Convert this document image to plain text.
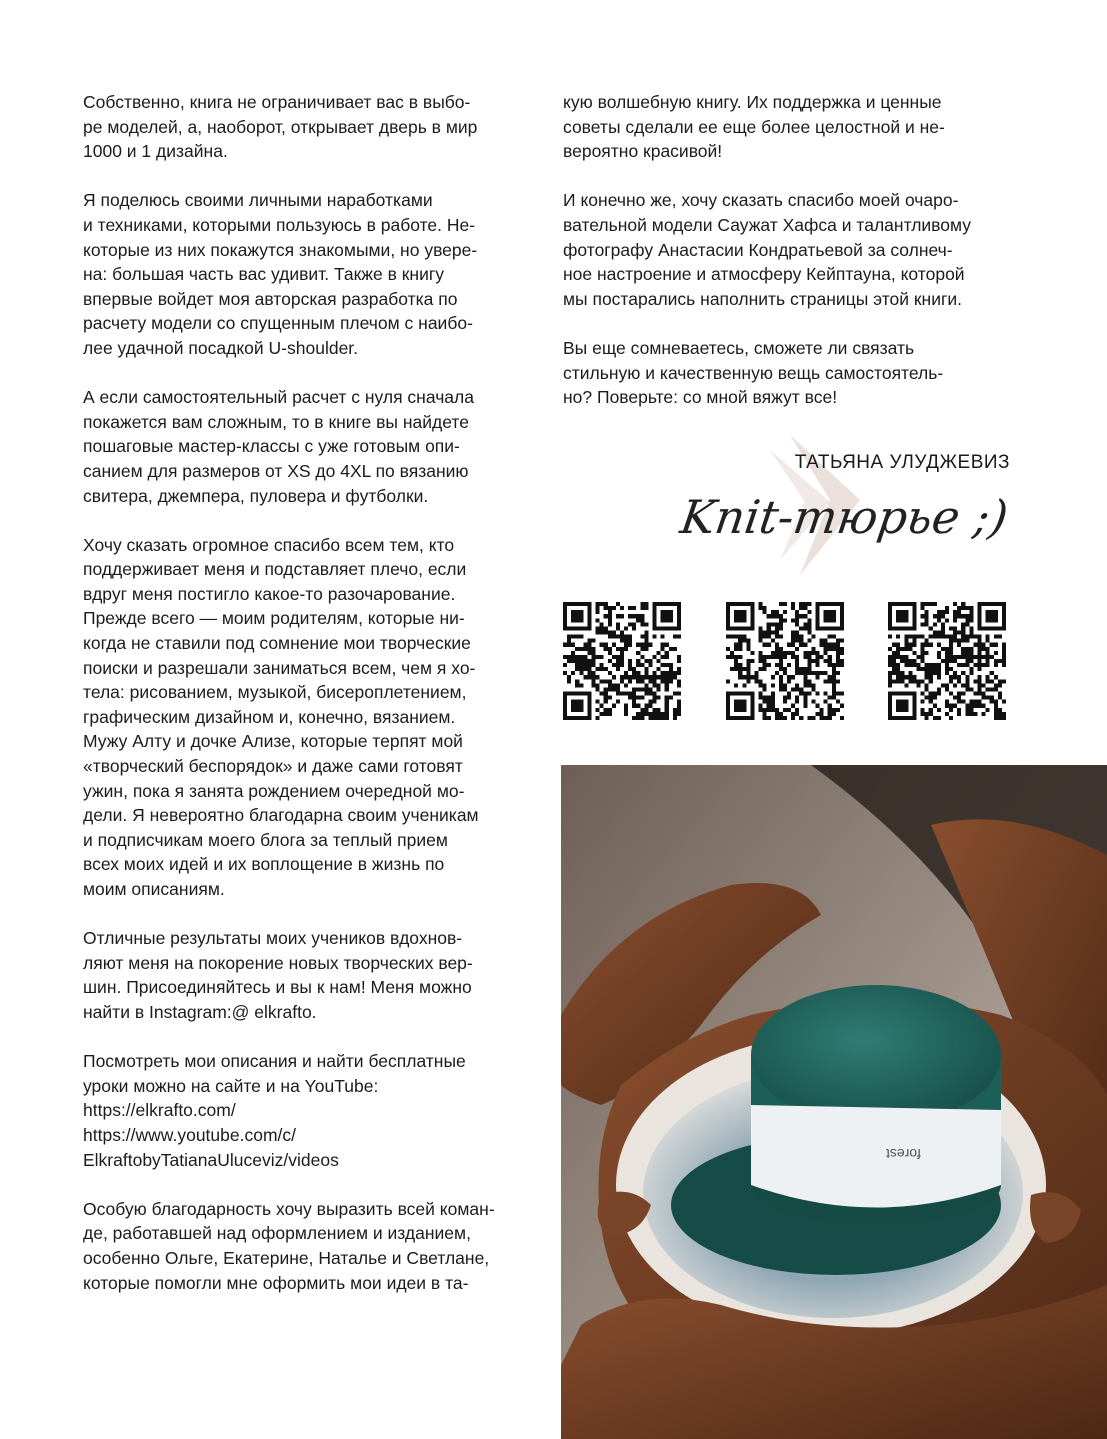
Собственно, книга не ограничивает вас в выбо-
ре моделей, а, наоборот, открывает дверь в мир
1000 и 1 дизайна.

Я поделюсь своими личными наработками
и техниками, которыми пользуюсь в работе. Не-
которые из них покажутся знакомыми, но уверe-
на: большая часть вас удивит. Также в книгу
впервые войдет моя авторская разработка по
расчету модели со спущенным плечом с наибо-
лее удачной посадкой U-shoulder.

А если самостоятельный расчет с нуля сначала
покажется вам сложным, то в книге вы найдете
пошаговые мастер-классы с уже готовым опи-
санием для размеров от XS до 4XL по вязанию
свитера, джемпера, пуловера и футболки.

Хочу сказать огромное спасибо всем тем, кто
поддерживает меня и подставляет плечо, если
вдруг меня постигло какое-то разочарование.
Прежде всего — моим родителям, которые ни-
когда не ставили под сомнение мои творческие
поиски и разрешали заниматься всем, чем я хо-
тела: рисованием, музыкой, бисероплетением,
графическим дизайном и, конечно, вязанием.
Мужу Алту и дочке Ализе, которые терпят мой
«творческий беспорядок» и даже сами готовят
ужин, пока я занята рождением очередной мо-
дели. Я невероятно благодарна своим ученикам
и подписчикам моего блога за теплый прием
всех моих идей и их воплощение в жизнь по
моим описаниям.

Отличные результаты моих учеников вдохнов-
ляют меня на покорение новых творческих вер-
шин. Присоединяйтесь и вы к нам! Меня можно
найти в Instagram:@ elkrafto.

Посмотреть мои описания и найти бесплатные
уроки можно на сайте и на YouTube:
https://elkrafto.com/
https://www.youtube.com/c/
ElkraftobyTatianaUluceviz/videos

Особую благодарность хочу выразить всей коман-
де, работавшей над оформлением и изданием,
особенно Ольге, Екатерине, Наталье и Светлане,
которые помогли мне оформить мои идеи в та-

кую волшебную книгу. Их поддержка и ценные
советы сделали ее еще более целостной и не-
вероятно красивой!

И конечно же, хочу сказать спасибо моей очаро-
вательной модели Саужат Хафса и талантливому
фотографу Анастасии Кондратьевой за солнеч-
ное настроение и атмосферу Кейптауна, которой
мы постарались наполнить страницы этой книги.

Вы еще сомневаетесь, сможете ли связать
стильную и качественную вещь самостоятель-
но? Поверьте: со мной вяжут все!

ТАТЬЯНА УЛУДЖЕВИЗ
Knit-тюрье ;)
forest
